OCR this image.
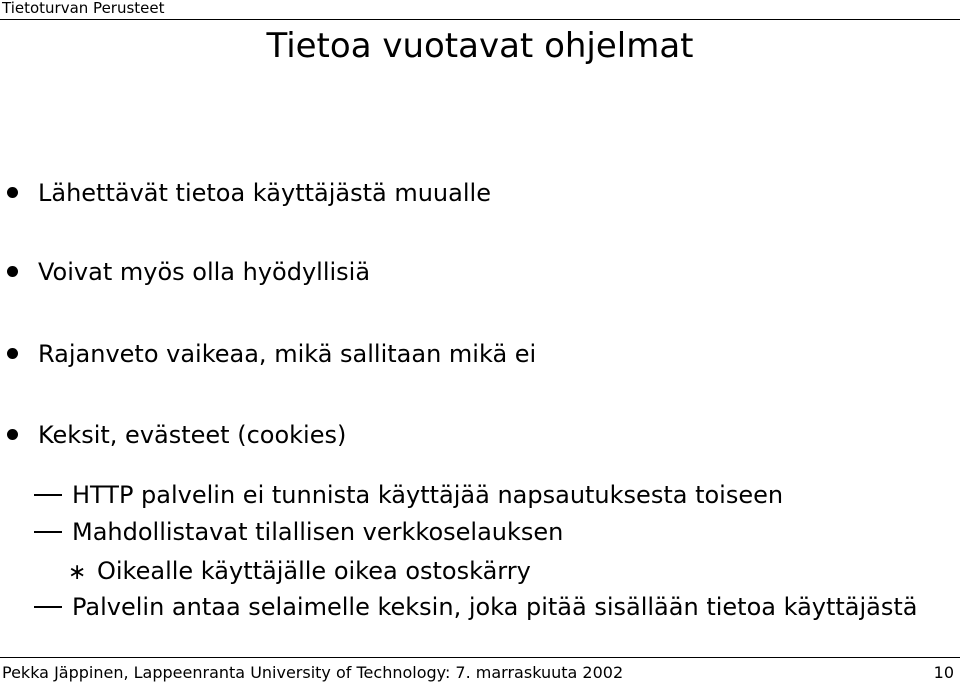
Tietoturvan Perusteet
Tietoa vuotavat ohjelmat
Lähettävät tietoa käyttäjästä muualle
Voivat myös olla hyödyllisiä
Rajanveto vaikeaa, mikä sallitaan mikä ei
Keksit, evästeet (cookies)
HTTP palvelin ei tunnista käyttäjää napsautuksesta toiseen
Mahdollistavat tilallisen verkkoselauksen
∗ Oikealle käyttäjälle oikea ostoskärry
Palvelin antaa selaimelle keksin, joka pitää sisällään tietoa käyttäjästä
Pekka Jäppinen, Lappeenranta University of Technology: 7. marraskuuta 2002	10
